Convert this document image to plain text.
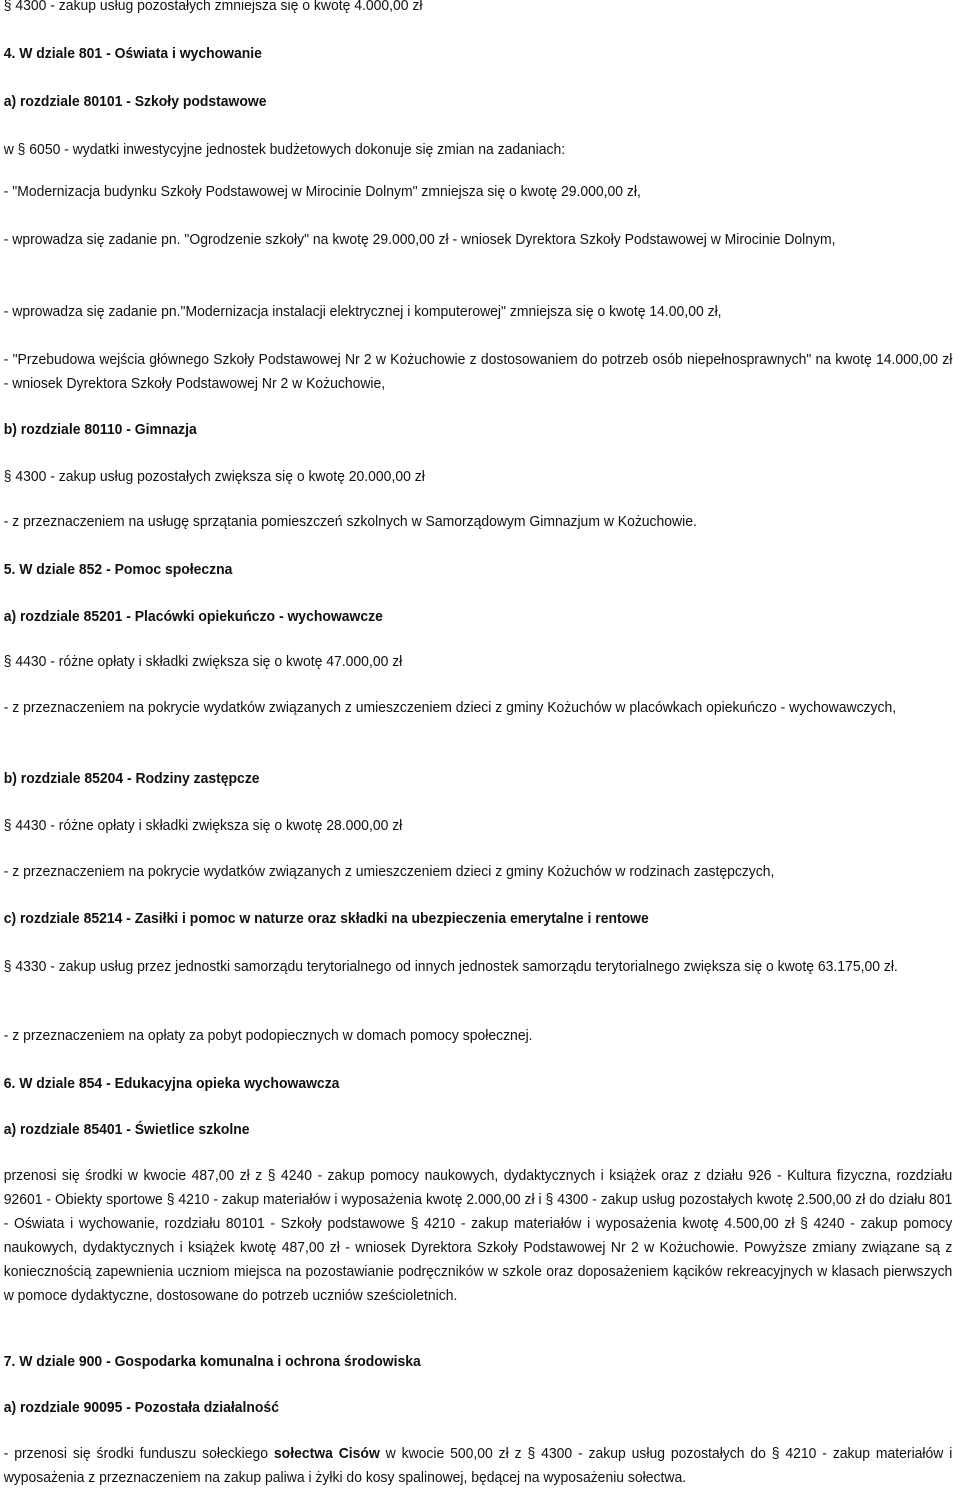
§ 4300 - zakup usług pozostałych zmniejsza się o kwotę 4.000,00 zł
4. W dziale 801 - Oświata i wychowanie
a) rozdziale 80101 - Szkoły podstawowe
w § 6050 - wydatki inwestycyjne jednostek budżetowych dokonuje się zmian na zadaniach:
- "Modernizacja budynku Szkoły Podstawowej w Mirocinie Dolnym" zmniejsza się o kwotę 29.000,00 zł,
- wprowadza się zadanie pn. "Ogrodzenie szkoły" na kwotę 29.000,00 zł - wniosek Dyrektora Szkoły Podstawowej w Mirocinie Dolnym,
- wprowadza się zadanie pn."Modernizacja instalacji elektrycznej i komputerowej" zmniejsza się o kwotę 14.00,00 zł,
- "Przebudowa wejścia głównego Szkoły Podstawowej Nr 2 w Kożuchowie z dostosowaniem do potrzeb osób niepełnosprawnych" na kwotę 14.000,00 zł - wniosek Dyrektora Szkoły Podstawowej Nr 2 w Kożuchowie,
b) rozdziale 80110 - Gimnazja
§ 4300 - zakup usług pozostałych zwiększa się o kwotę 20.000,00 zł
- z przeznaczeniem na usługę sprzątania pomieszczeń szkolnych w Samorządowym Gimnazjum w Kożuchowie.
5. W dziale 852 - Pomoc społeczna
a) rozdziale 85201 - Placówki opiekuńczo - wychowawcze
§ 4430 - różne opłaty i składki zwiększa się o kwotę 47.000,00 zł
- z przeznaczeniem na pokrycie wydatków związanych z umieszczeniem dzieci z gminy Kożuchów w placówkach opiekuńczo - wychowawczych,
b) rozdziale 85204 - Rodziny zastępcze
§ 4430 - różne opłaty i składki zwiększa się o kwotę 28.000,00 zł
- z przeznaczeniem na pokrycie wydatków związanych z umieszczeniem dzieci z gminy Kożuchów w rodzinach zastępczych,
c) rozdziale 85214 - Zasiłki i pomoc w naturze oraz składki na ubezpieczenia emerytalne i rentowe
§ 4330 - zakup usług przez jednostki samorządu terytorialnego od innych jednostek samorządu terytorialnego zwiększa się o kwotę 63.175,00 zł.
- z przeznaczeniem na opłaty za pobyt podopiecznych w domach pomocy społecznej.
6. W dziale 854 - Edukacyjna opieka wychowawcza
a) rozdziale 85401 - Świetlice szkolne
przenosi się środki w kwocie 487,00 zł z § 4240 - zakup pomocy naukowych, dydaktycznych i książek oraz z działu 926 - Kultura fizyczna, rozdziału 92601 - Obiekty sportowe § 4210 - zakup materiałów i wyposażenia kwotę 2.000,00 zł i § 4300 - zakup usług pozostałych kwotę 2.500,00 zł do działu 801 - Oświata i wychowanie, rozdziału 80101 - Szkoły podstawowe § 4210 - zakup materiałów i wyposażenia kwotę 4.500,00 zł § 4240 - zakup pomocy naukowych, dydaktycznych i książek kwotę 487,00 zł - wniosek Dyrektora Szkoły Podstawowej Nr 2 w Kożuchowie. Powyższe zmiany związane są z koniecznością zapewnienia uczniom miejsca na pozostawianie podręczników w szkole oraz doposażeniem kącików rekreacyjnych w klasach pierwszych w pomoce dydaktyczne, dostosowane do potrzeb uczniów sześcioletnich.
7. W dziale 900 - Gospodarka komunalna i ochrona środowiska
a) rozdziale 90095 - Pozostała działalność
- przenosi się środki funduszu sołeckiego sołectwa Cisów w kwocie 500,00 zł z § 4300 - zakup usług pozostałych do § 4210 - zakup materiałów i wyposażenia z przeznaczeniem na zakup paliwa i żyłki do kosy spalinowej, będącej na wyposażeniu sołectwa.
